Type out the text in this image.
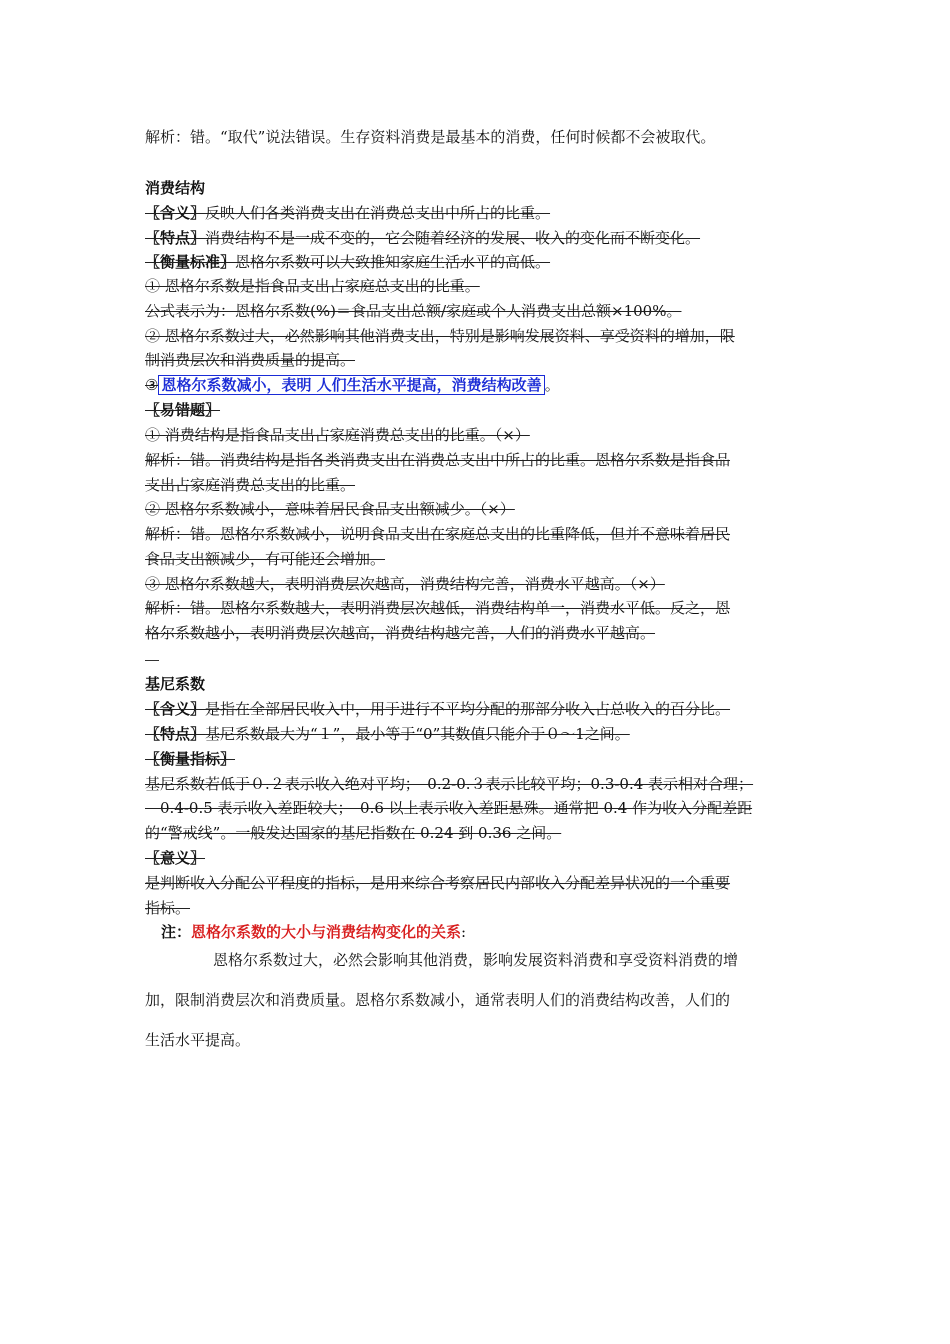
解析：错。“取代”说法错误。生存资料消费是最基本的消费，任何时候都不会被取代。
消费结构
〖含义〗反映人们各类消费支出在消费总支出中所占的比重。
〖特点〗消费结构不是一成不变的，它会随着经济的发展、收入的变化而不断变化。
〖衡量标准〗恩格尔系数可以大致推知家庭生活水平的高低。
① 恩格尔系数是指食品支出占家庭总支出的比重。
公式表示为：恩格尔系数(%)＝食品支出总额/家庭或个人消费支出总额×100%。
② 恩格尔系数过大，必然影响其他消费支出，特别是影响发展资料、享受资料的增加，限
制消费层次和消费质量的提高。
③ 恩格尔系数减小，表明 人们生活水平提高，消费结构改善 。
〖易错题〗
① 消费结构是指食品支出占家庭消费总支出的比重。（×）
解析：错。消费结构是指各类消费支出在消费总支出中所占的比重。恩格尔系数是指食品
支出占家庭消费总支出的比重。
② 恩格尔系数减小，意味着居民食品支出额减少。（×）
解析：错。恩格尔系数减小，说明食品支出在家庭总支出的比重降低，但并不意味着居民
食品支出额减少，有可能还会增加。
③ 恩格尔系数越大，表明消费层次越高，消费结构完善，消费水平越高。（×）
解析：错。恩格尔系数越大，表明消费层次越低，消费结构单一，消费水平低。反之，恩
格尔系数越小，表明消费层次越高，消费结构越完善，人们的消费水平越高。
基尼系数
〖含义〗是指在全部居民收入中，用于进行不平均分配的那部分收入占总收入的百分比。
〖特点〗基尼系数最大为“１”，最小等于“0”其数值只能介于０～1之间。
〖衡量指标〗
基尼系数若低于０.２表示收入绝对平均；　0.2-0.３表示比较平均；0.3-0.4 表示相对合理；
　0.4-0.5 表示收入差距较大；　0.6 以上表示收入差距悬殊。通常把 0.4 作为收入分配差距
的“警戒线”。一般发达国家的基尼指数在 0.24 到 0.36 之间。
〖意义〗
是判断收入分配公平程度的指标，是用来综合考察居民内部收入分配差异状况的一个重要
指标。
注：恩格尔系数的大小与消费结构变化的关系:
恩格尔系数过大，必然会影响其他消费，影响发展资料消费和享受资料消费的增
加，限制消费层次和消费质量。恩格尔系数减小，通常表明人们的消费结构改善，人们的
生活水平提高。
